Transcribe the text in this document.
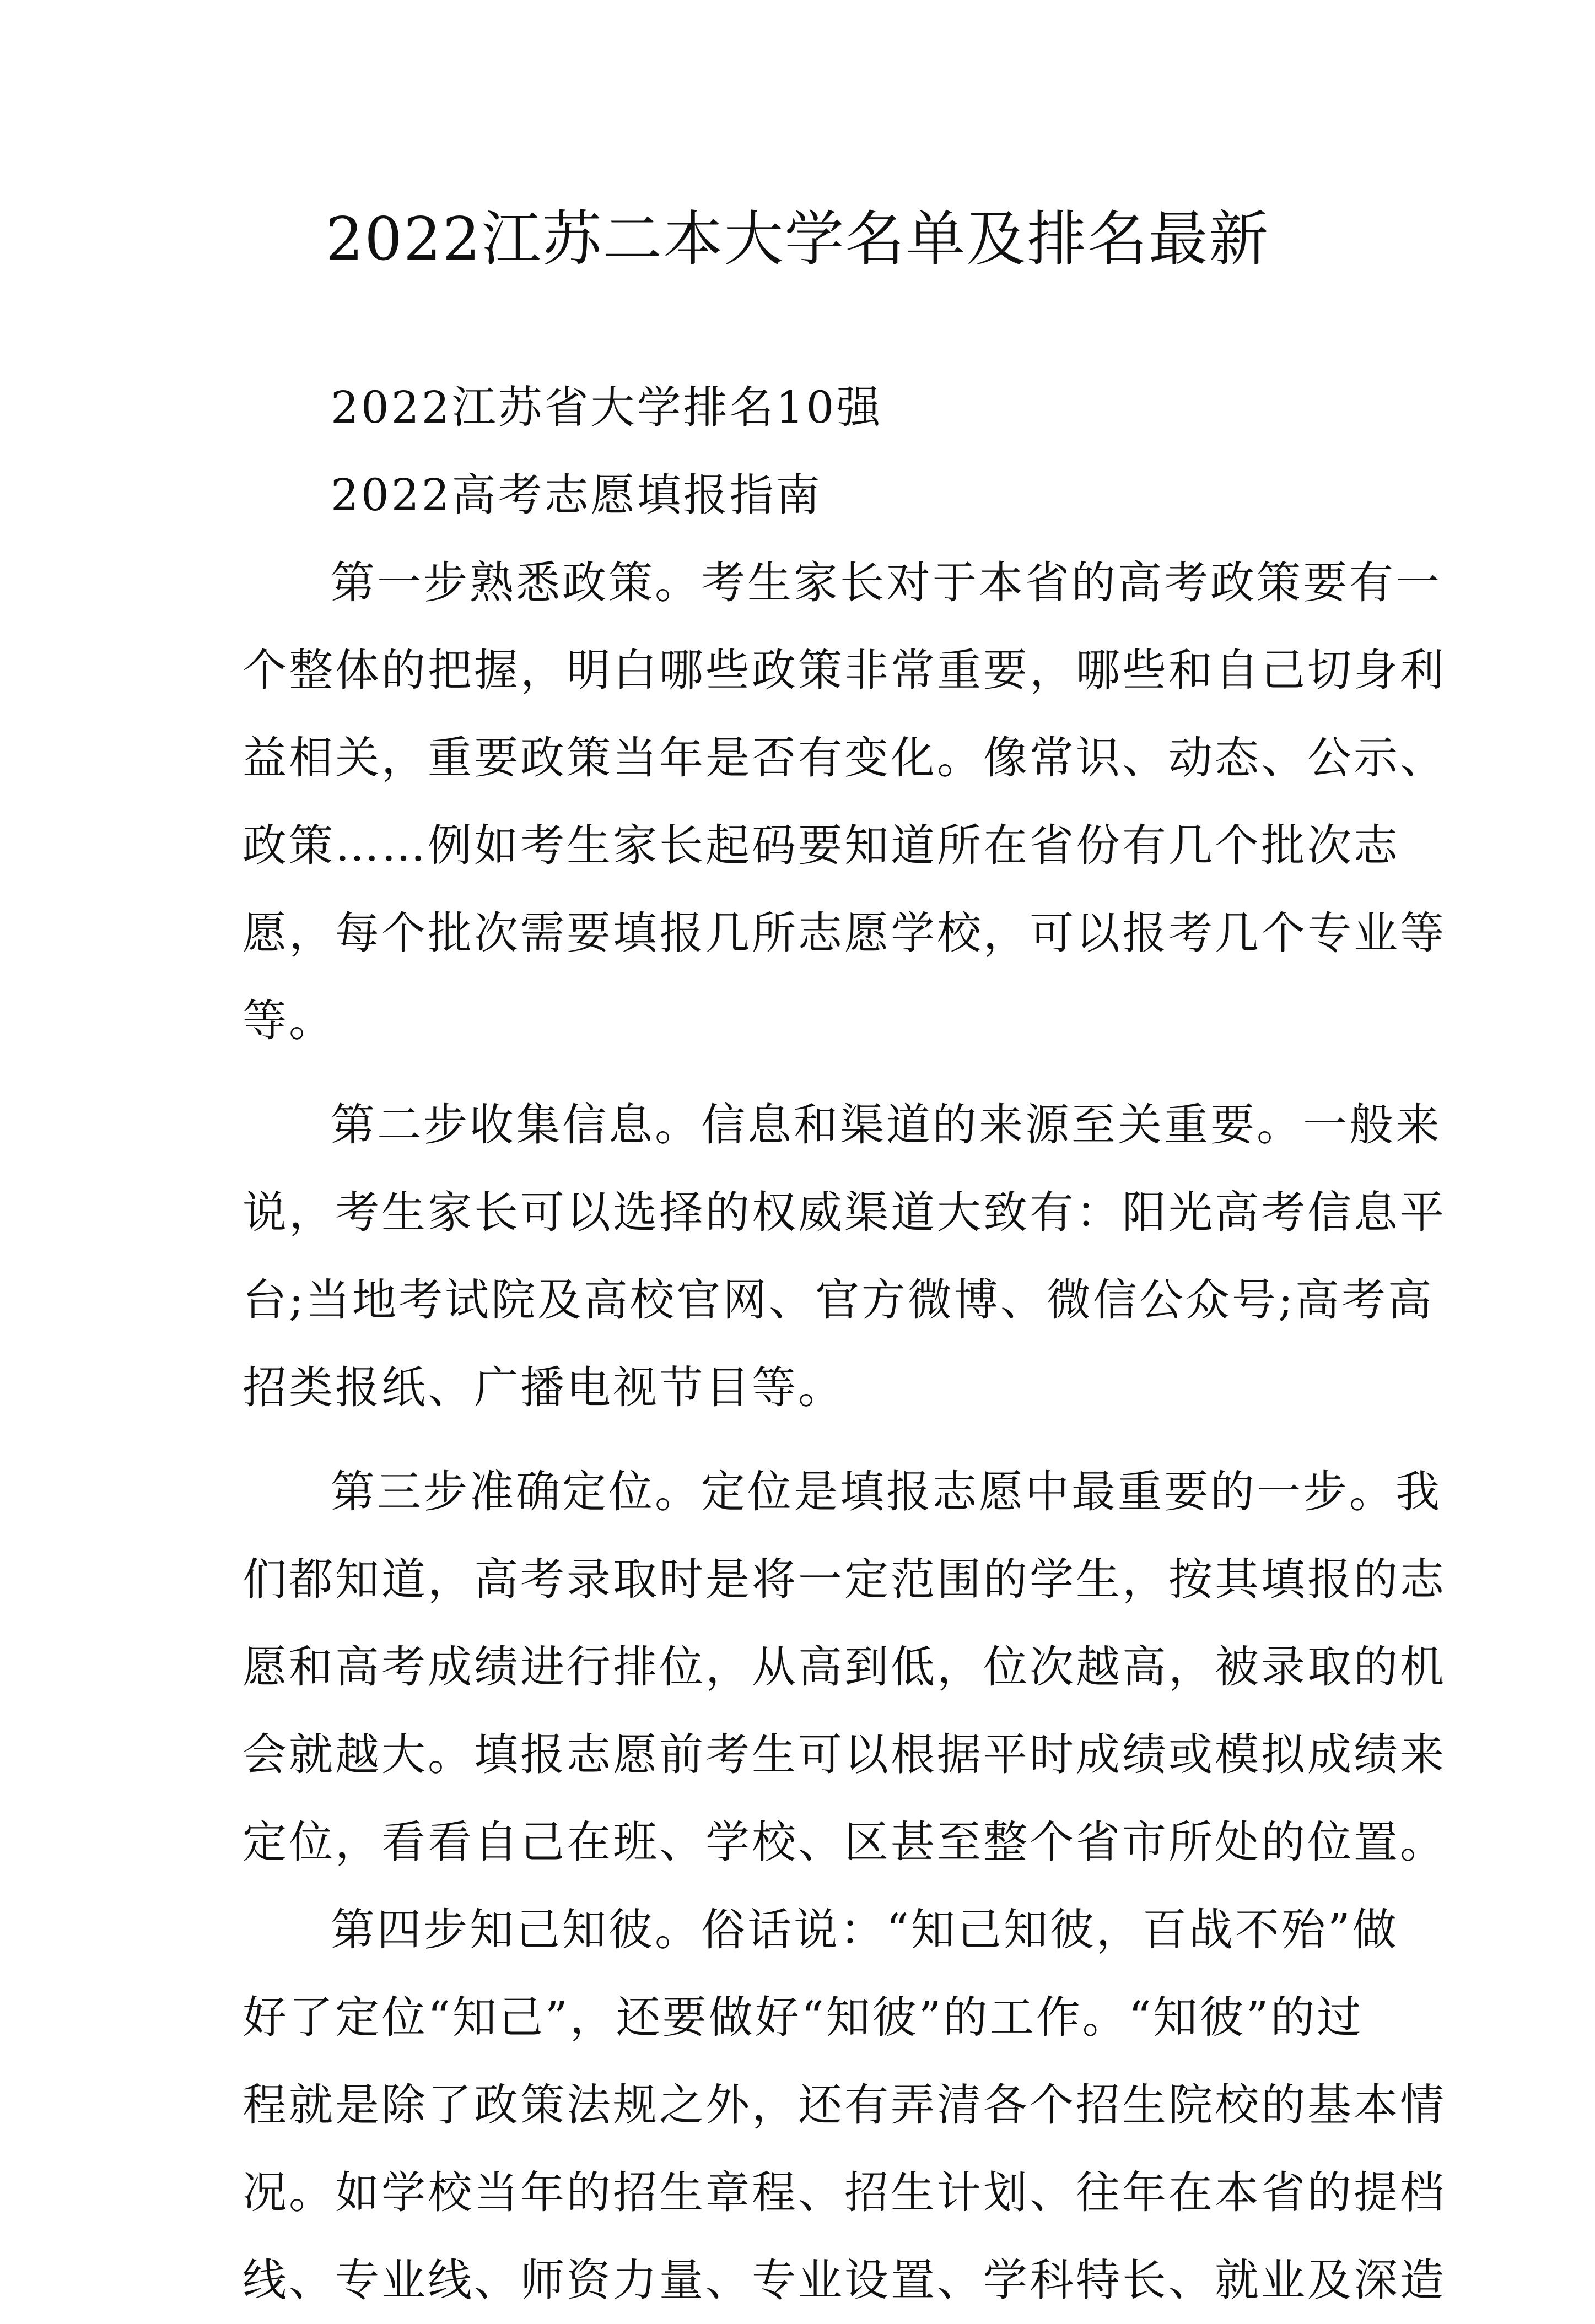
2022江苏二本大学名单及排名最新
2022江苏省大学排名10强
2022高考志愿填报指南
第一步熟悉政策。考生家长对于本省的高考政策要有一
个整体的把握，明白哪些政策非常重要，哪些和自己切身利
益相关，重要政策当年是否有变化。像常识、动态、公示、
政策……例如考生家长起码要知道所在省份有几个批次志
愿，每个批次需要填报几所志愿学校，可以报考几个专业等
等。
第二步收集信息。信息和渠道的来源至关重要。一般来
说，考生家长可以选择的权威渠道大致有：阳光高考信息平
台;当地考试院及高校官网、官方微博、微信公众号;高考高
招类报纸、广播电视节目等。
第三步准确定位。定位是填报志愿中最重要的一步。我
们都知道，高考录取时是将一定范围的学生，按其填报的志
愿和高考成绩进行排位，从高到低，位次越高，被录取的机
会就越大。填报志愿前考生可以根据平时成绩或模拟成绩来
定位，看看自己在班、学校、区甚至整个省市所处的位置。
第四步知己知彼。俗话说：“知己知彼，百战不殆”做
好了定位“知己”，还要做好“知彼”的工作。“知彼”的过
程就是除了政策法规之外，还有弄清各个招生院校的基本情
况。如学校当年的招生章程、招生计划、往年在本省的提档
线、专业线、师资力量、专业设置、学科特长、就业及深造
